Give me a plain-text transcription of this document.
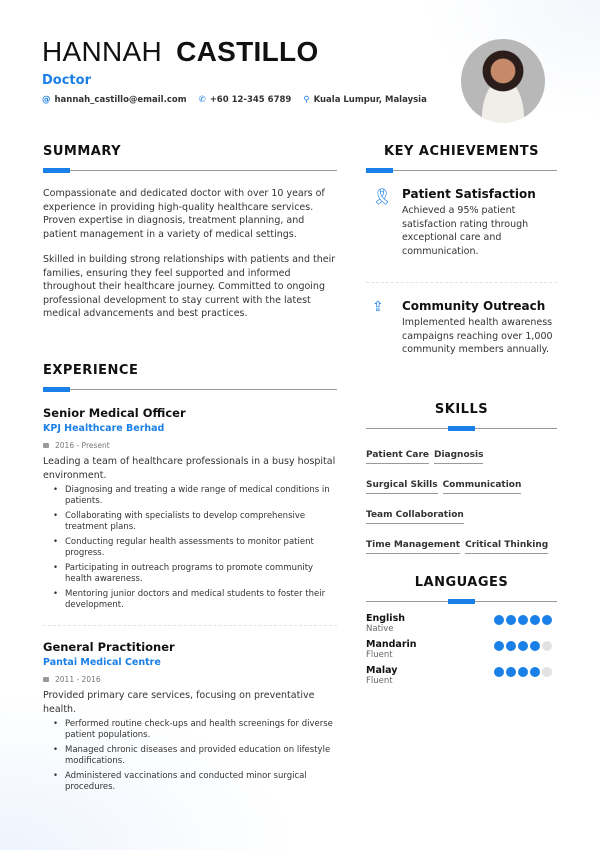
HANNAH CASTILLO
Doctor
@ hannah_castillo@email.com ✆ +60 12-345 6789 ⚲ Kuala Lumpur, Malaysia
SUMMARY

Compassionate and dedicated doctor with over 10 years of experience in providing high-quality healthcare services. Proven expertise in diagnosis, treatment planning, and patient management in a variety of medical settings.

Skilled in building strong relationships with patients and their families, ensuring they feel supported and informed throughout their healthcare journey. Committed to ongoing professional development to stay current with the latest medical advancements and best practices.

EXPERIENCE
Senior Medical Officer
KPJ Healthcare Berhad
2016 - Present

Leading a team of healthcare professionals in a busy hospital environment.

• Diagnosing and treating a wide range of medical conditions in patients.
• Collaborating with specialists to develop comprehensive treatment plans.
• Conducting regular health assessments to monitor patient progress.
• Participating in outreach programs to promote community health awareness.
• Mentoring junior doctors and medical students to foster their development.
General Practitioner
Pantai Medical Centre
2011 - 2016

Provided primary care services, focusing on preventative health.

• Performed routine check-ups and health screenings for diverse patient populations.
• Managed chronic diseases and provided education on lifestyle modifications.
• Administered vaccinations and conducted minor surgical procedures.
KEY ACHIEVEMENTS
🎗︎ Patient Satisfaction

Achieved a 95% patient satisfaction rating through exceptional care and communication.

⇪	Community Outreach

Implemented health awareness campaigns reaching over 1,000 community members annually.

SKILLS
Patient Care Diagnosis
Surgical Skills Communication
Team Collaboration
Time Management Critical Thinking
LANGUAGES
English
Native
Mandarin
Fluent
Malay
Fluent
